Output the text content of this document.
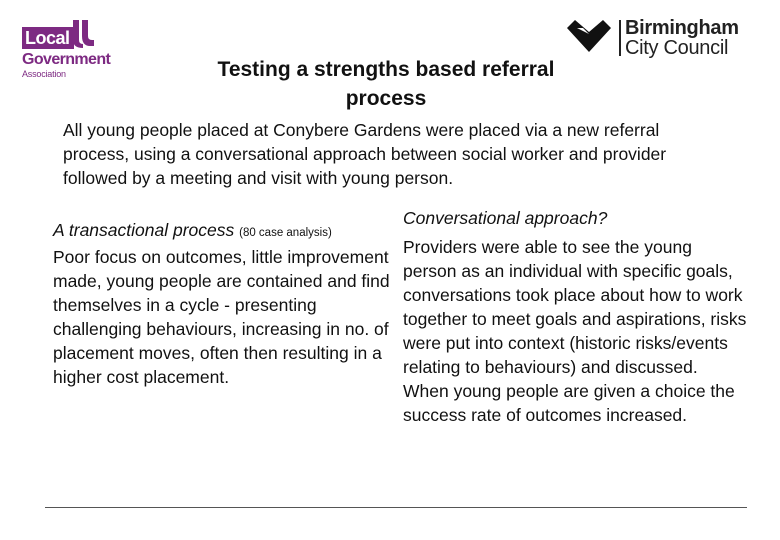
Local
Government
Association
Birmingham
City Council
Testing a strengths based referral process
All young people placed at Conybere Gardens were placed via a new referral process, using a conversational approach between social worker and provider followed by a meeting and visit with young person.
A transactional process (80 case analysis)
Poor focus on outcomes, little improvement made, young people are contained and find themselves in a cycle - presenting challenging behaviours, increasing in no. of placement moves, often then resulting in a higher cost placement.
Conversational approach?
Providers were able to see the young person as an individual with specific goals, conversations took place about how to work together to meet goals and aspirations, risks were put into context (historic risks/events relating to behaviours) and discussed. When young people are given a choice the success rate of outcomes increased.
